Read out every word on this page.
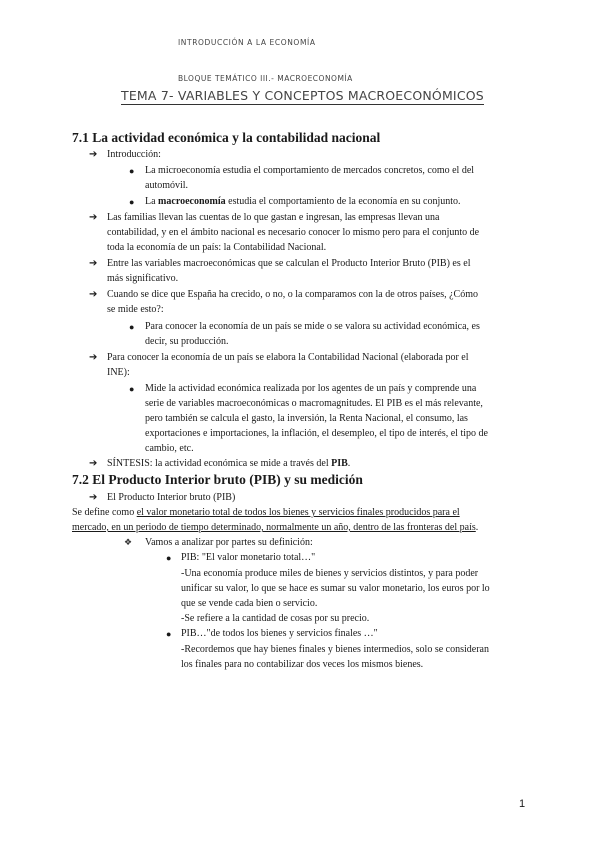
INTRODUCCIÓN A LA ECONOMÍA
BLOQUE TEMÁTICO III.- MACROECONOMÍA
TEMA 7- VARIABLES Y CONCEPTOS MACROECONÓMICOS
7.1 La actividad económica y la contabilidad nacional
➔ Introducción:
● La microeconomía estudia el comportamiento de mercados concretos, como el del
automóvil.
● La macroeconomía estudia el comportamiento de la economía en su conjunto.
➔ Las familias llevan las cuentas de lo que gastan e ingresan, las empresas llevan una
contabilidad, y en el ámbito nacional es necesario conocer lo mismo pero para el conjunto de
toda la economía de un país: la Contabilidad Nacional.
➔ Entre las variables macroeconómicas que se calculan el Producto Interior Bruto (PIB) es el
más significativo.
➔ Cuando se dice que España ha crecido, o no, o la comparamos con la de otros países, ¿Cómo
se mide esto?:
● Para conocer la economía de un país se mide o se valora su actividad económica, es
decir, su producción.
➔ Para conocer la economía de un país se elabora la Contabilidad Nacional (elaborada por el
INE):
● Mide la actividad económica realizada por los agentes de un país y comprende una
serie de variables macroeconómicas o macromagnitudes. El PIB es el más relevante,
pero también se calcula el gasto, la inversión, la Renta Nacional, el consumo, las
exportaciones e importaciones, la inflación, el desempleo, el tipo de interés, el tipo de
cambio, etc.
➔ SÍNTESIS: la actividad económica se mide a través del PIB.
7.2 El Producto Interior bruto (PIB) y su medición
➔ El Producto Interior bruto (PIB)
Se define como el valor monetario total de todos los bienes y servicios finales producidos para el
mercado, en un periodo de tiempo determinado, normalmente un año, dentro de las fronteras del país.
❖ Vamos a analizar por partes su definición:
● PIB: "El valor monetario total…"
-Una economía produce miles de bienes y servicios distintos, y para poder
unificar su valor, lo que se hace es sumar su valor monetario, los euros por lo
que se vende cada bien o servicio.
-Se refiere a la cantidad de cosas por su precio.
● PIB…"de todos los bienes y servicios finales …"
-Recordemos que hay bienes finales y bienes intermedios, solo se consideran
los finales para no contabilizar dos veces los mismos bienes.
1
